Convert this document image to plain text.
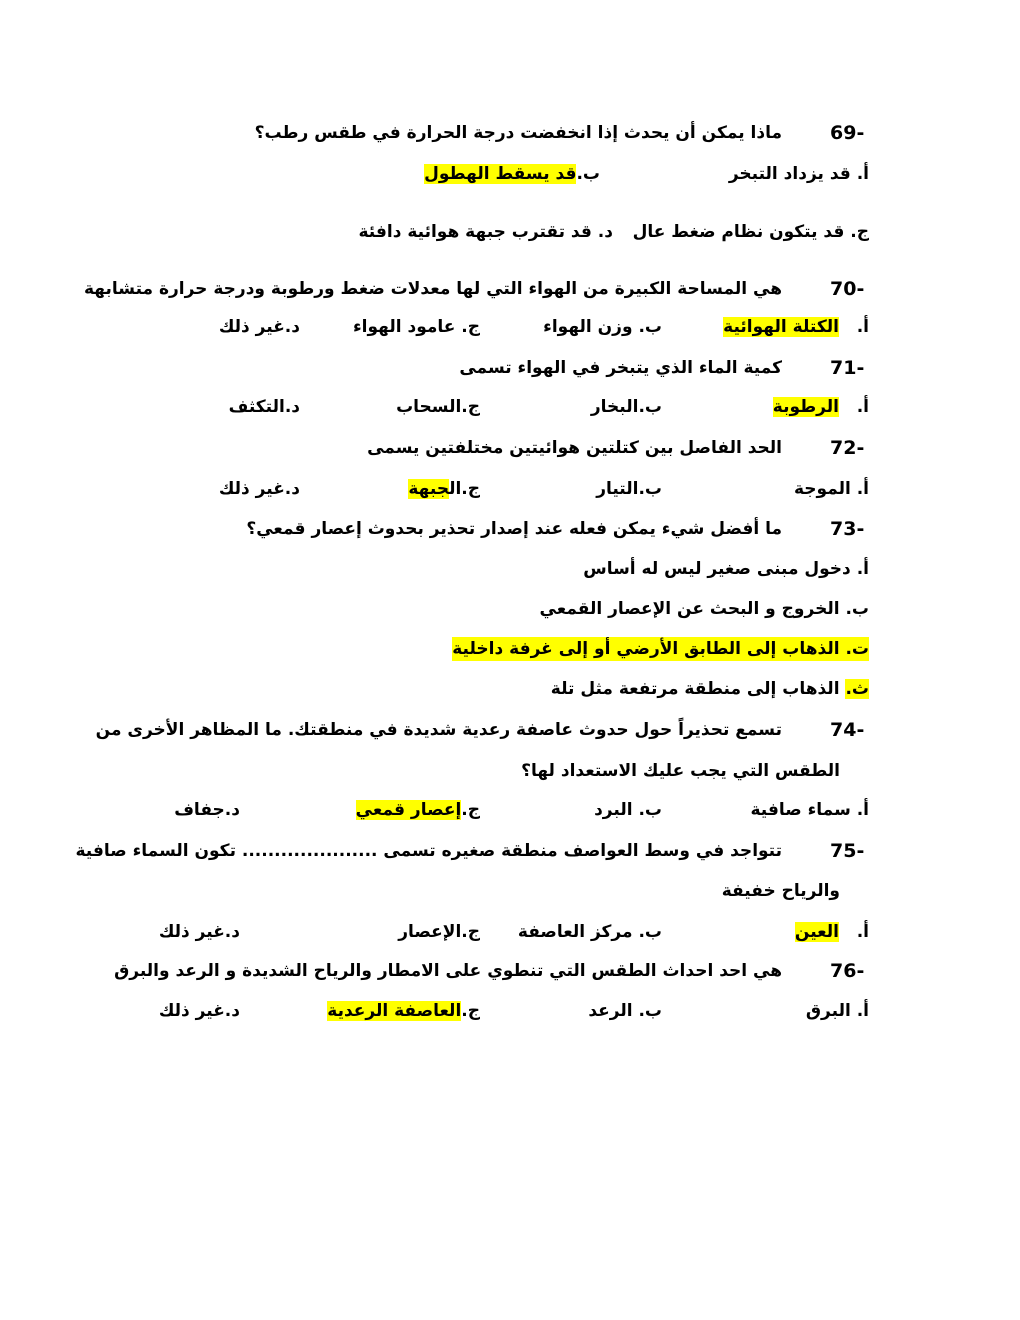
69-
ماذا يمكن أن يحدث إذا انخفضت درجة الحرارة في طقس رطب؟
أ. قد يزداد التبخر
ب.قد يسقط الهطول
ج. قد يتكون نظام ضغط عال
د. قد تقترب جبهة هوائية دافئة
70-
هي المساحة الكبيرة من الهواء التي لها معدلات ضغط ورطوبة ودرجة حرارة متشابهة
أ.   الكتلة الهوائية
ب. وزن الهواء
ج. عامود الهواء
د.غير ذلك
71-
كمية الماء الذي يتبخر في الهواء تسمى
أ.   الرطوبة
ب.البخار
ج.السحاب
د.التكثف
72-
الحد الفاصل بين كتلتين هوائيتين مختلفتين يسمى
أ. الموجة
ب.التيار
ج.الجبهة
د.غير ذلك
73-
ما أفضل شيء يمكن فعله عند إصدار تحذير بحدوث إعصار قمعي؟
أ. دخول مبنى صغير ليس له أساس
ب. الخروج و البحث عن الإعصار القمعي
ت. الذهاب إلى الطابق الأرضي أو إلى غرفة داخلية
ث. الذهاب إلى منطقة مرتفعة مثل تلة
74-
تسمع تحذيراً حول حدوث عاصفة رعدية شديدة في منطقتك. ما المظاهر الأخرى من
الطقس التي يجب عليك الاستعداد لها؟
أ. سماء صافية
ب. البرد
ج.إعصار قمعي
د.جفاف
75-
تتواجد في وسط العواصف منطقة صغيره تسمى ..................... تكون السماء صافية
والرياح خفيفة
أ.   العين
ب. مركز العاصفة
ج.الإعصار
د.غير ذلك
76-
هي احد احداث الطقس التي تنطوي على الامطار والرياح الشديدة و الرعد والبرق
أ. البرق
ب. الرعد
ج.العاصفة الرعدية
د.غير ذلك
